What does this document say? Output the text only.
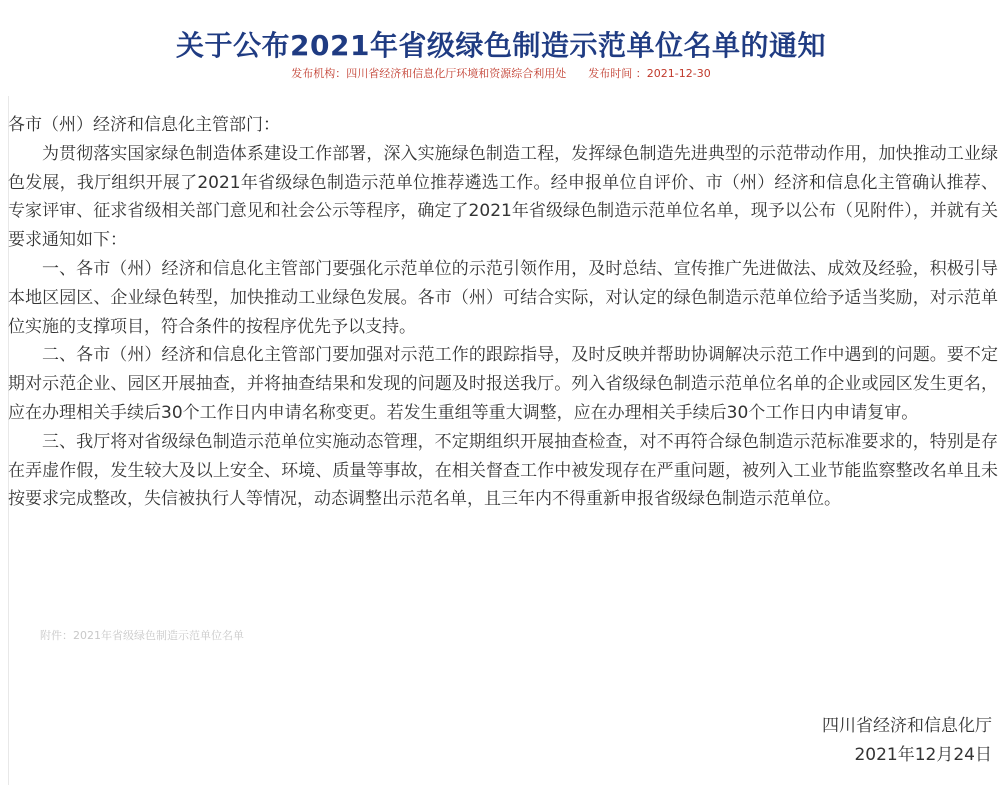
关于公布2021年省级绿色制造示范单位名单的通知
发布机构：四川省经济和信息化厅环境和资源综合利用处 发布时间 ：2021-12-30

各市（州）经济和信息化主管部门：

为贯彻落实国家绿色制造体系建设工作部署，深入实施绿色制造工程，发挥绿色制造先进典型的示范带动作用，加快推动工业绿色发展，我厅组织开展了2021年省级绿色制造示范单位推荐遴选工作。经申报单位自评价、市（州）经济和信息化主管确认推荐、专家评审、征求省级相关部门意见和社会公示等程序，确定了2021年省级绿色制造示范单位名单，现予以公布（见附件），并就有关要求通知如下：

一、各市（州）经济和信息化主管部门要强化示范单位的示范引领作用，及时总结、宣传推广先进做法、成效及经验，积极引导本地区园区、企业绿色转型，加快推动工业绿色发展。各市（州）可结合实际，对认定的绿色制造示范单位给予适当奖励，对示范单位实施的支撑项目，符合条件的按程序优先予以支持。

二、各市（州）经济和信息化主管部门要加强对示范工作的跟踪指导，及时反映并帮助协调解决示范工作中遇到的问题。要不定期对示范企业、园区开展抽查，并将抽查结果和发现的问题及时报送我厅。列入省级绿色制造示范单位名单的企业或园区发生更名，应在办理相关手续后30个工作日内申请名称变更。若发生重组等重大调整，应在办理相关手续后30个工作日内申请复审。

三、我厅将对省级绿色制造示范单位实施动态管理，不定期组织开展抽查检查，对不再符合绿色制造示范标准要求的，特别是存在弄虚作假，发生较大及以上安全、环境、质量等事故，在相关督查工作中被发现存在严重问题，被列入工业节能监察整改名单且未按要求完成整改，失信被执行人等情况，动态调整出示范名单，且三年内不得重新申报省级绿色制造示范单位。

附件：2021年省级绿色制造示范单位名单
四川省经济和信息化厅
2021年12月24日
